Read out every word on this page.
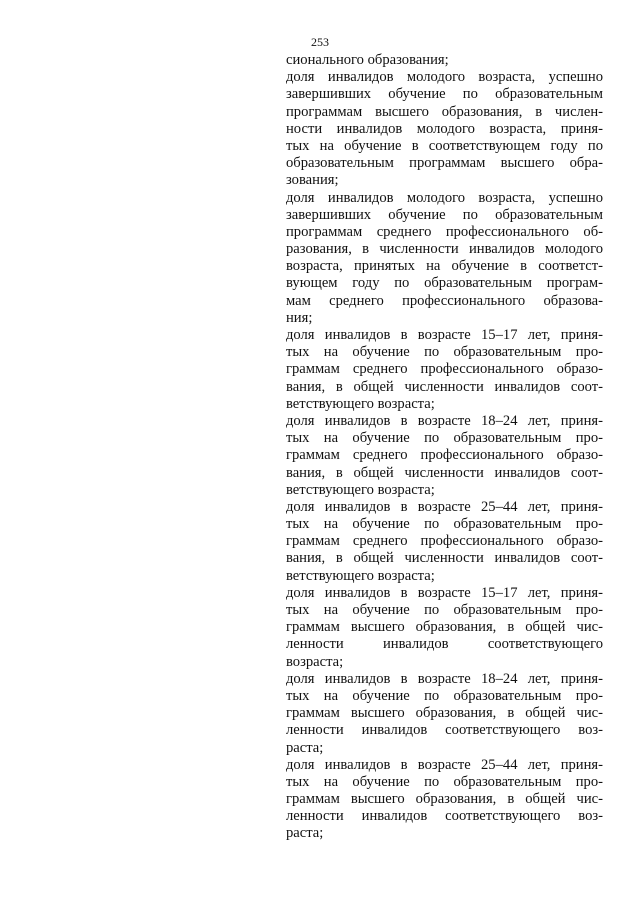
253
сионального образования;
доля инвалидов молодого возраста, успешно
завершивших обучение по образовательным
программам высшего образования, в числен-
ности инвалидов молодого возраста, приня-
тых на обучение в соответствующем году по
образовательным программам высшего обра-
зования;
доля инвалидов молодого возраста, успешно
завершивших обучение по образовательным
программам среднего профессионального об-
разования, в численности инвалидов молодого
возраста, принятых на обучение в соответст-
вующем году по образовательным програм-
мам среднего профессионального образова-
ния;
доля инвалидов в возрасте 15–17 лет, приня-
тых на обучение по образовательным про-
граммам среднего профессионального образо-
вания, в общей численности инвалидов соот-
ветствующего возраста;
доля инвалидов в возрасте 18–24 лет, приня-
тых на обучение по образовательным про-
граммам среднего профессионального образо-
вания, в общей численности инвалидов соот-
ветствующего возраста;
доля инвалидов в возрасте 25–44 лет, приня-
тых на обучение по образовательным про-
граммам среднего профессионального образо-
вания, в общей численности инвалидов соот-
ветствующего возраста;
доля инвалидов в возрасте 15–17 лет, приня-
тых на обучение по образовательным про-
граммам высшего образования, в общей чис-
ленности инвалидов соответствующего
возраста;
доля инвалидов в возрасте 18–24 лет, приня-
тых на обучение по образовательным про-
граммам высшего образования, в общей чис-
ленности инвалидов соответствующего воз-
раста;
доля инвалидов в возрасте 25–44 лет, приня-
тых на обучение по образовательным про-
граммам высшего образования, в общей чис-
ленности инвалидов соответствующего воз-
раста;
